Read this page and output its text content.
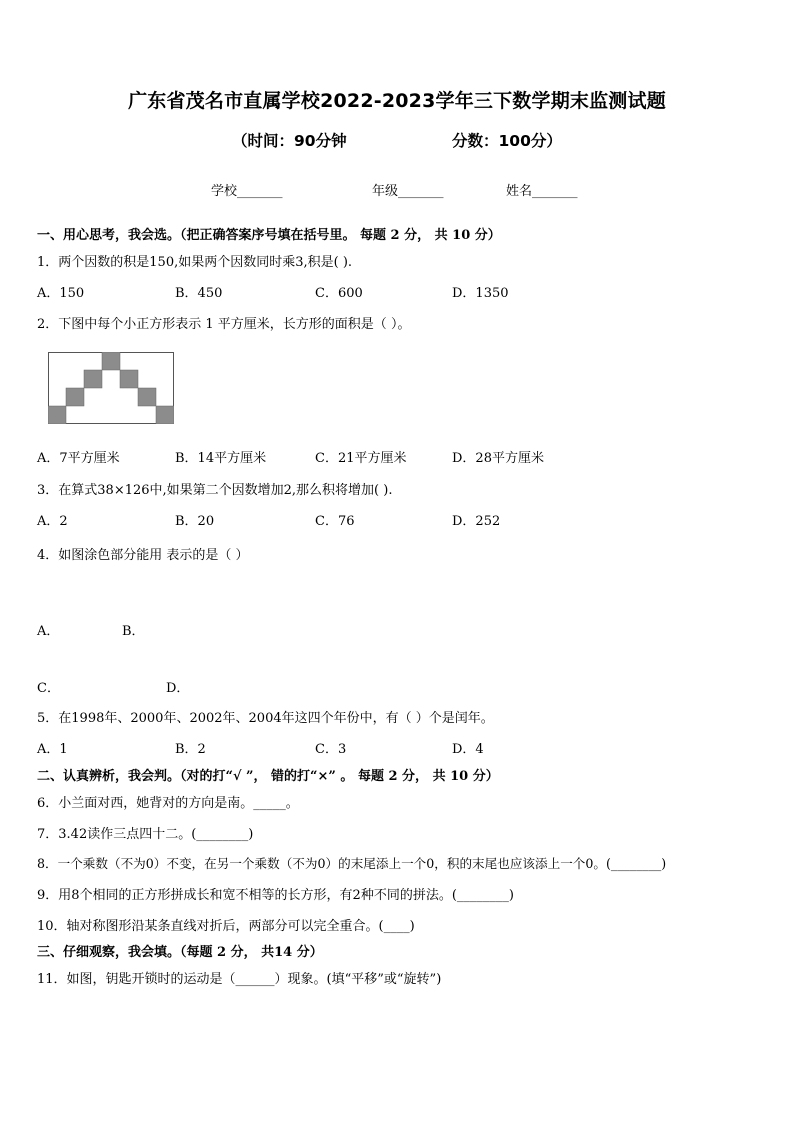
广东省茂名市直属学校2022-2023学年三下数学期末监测试题
（时间：90分钟	分数：100分）
学校_______	年级_______	姓名_______
一、用心思考，我会选。（把正确答案序号填在括号里。 每题 2 分， 共 10 分）
1．两个因数的积是150,如果两个因数同时乘3,积是( ).
A．150	B．450	C．600	D．1350
2．下图中每个小正方形表示 1 平方厘米，长方形的面积是（ ）。
A．7平方厘米	B．14平方厘米	C．21平方厘米	D．28平方厘米
3．在算式38×126中,如果第二个因数增加2,那么积将增加( ).
A．2	B．20	C．76	D．252
4．如图涂色部分能用 表示的是（ ）
A．	B．
C．	D．
5．在1998年、2000年、2002年、2004年这四个年份中，有（ ）个是闰年。
A．1	B．2	C．3	D．4
二、认真辨析，我会判。（对的打“√ ”， 错的打“×” 。 每题 2 分， 共 10 分）
6．小兰面对西，她背对的方向是南。_____。
7．3.42读作三点四十二。(________)
8．一个乘数（不为0）不变，在另一个乘数（不为0）的末尾添上一个0，积的末尾也应该添上一个0。(________)
9．用8个相同的正方形拼成长和宽不相等的长方形，有2种不同的拼法。(________)
10．轴对称图形沿某条直线对折后，两部分可以完全重合。(____)
三、仔细观察，我会填。（每题 2 分， 共14 分）
11．如图，钥匙开锁时的运动是（______）现象。(填“平移”或“旋转”)
